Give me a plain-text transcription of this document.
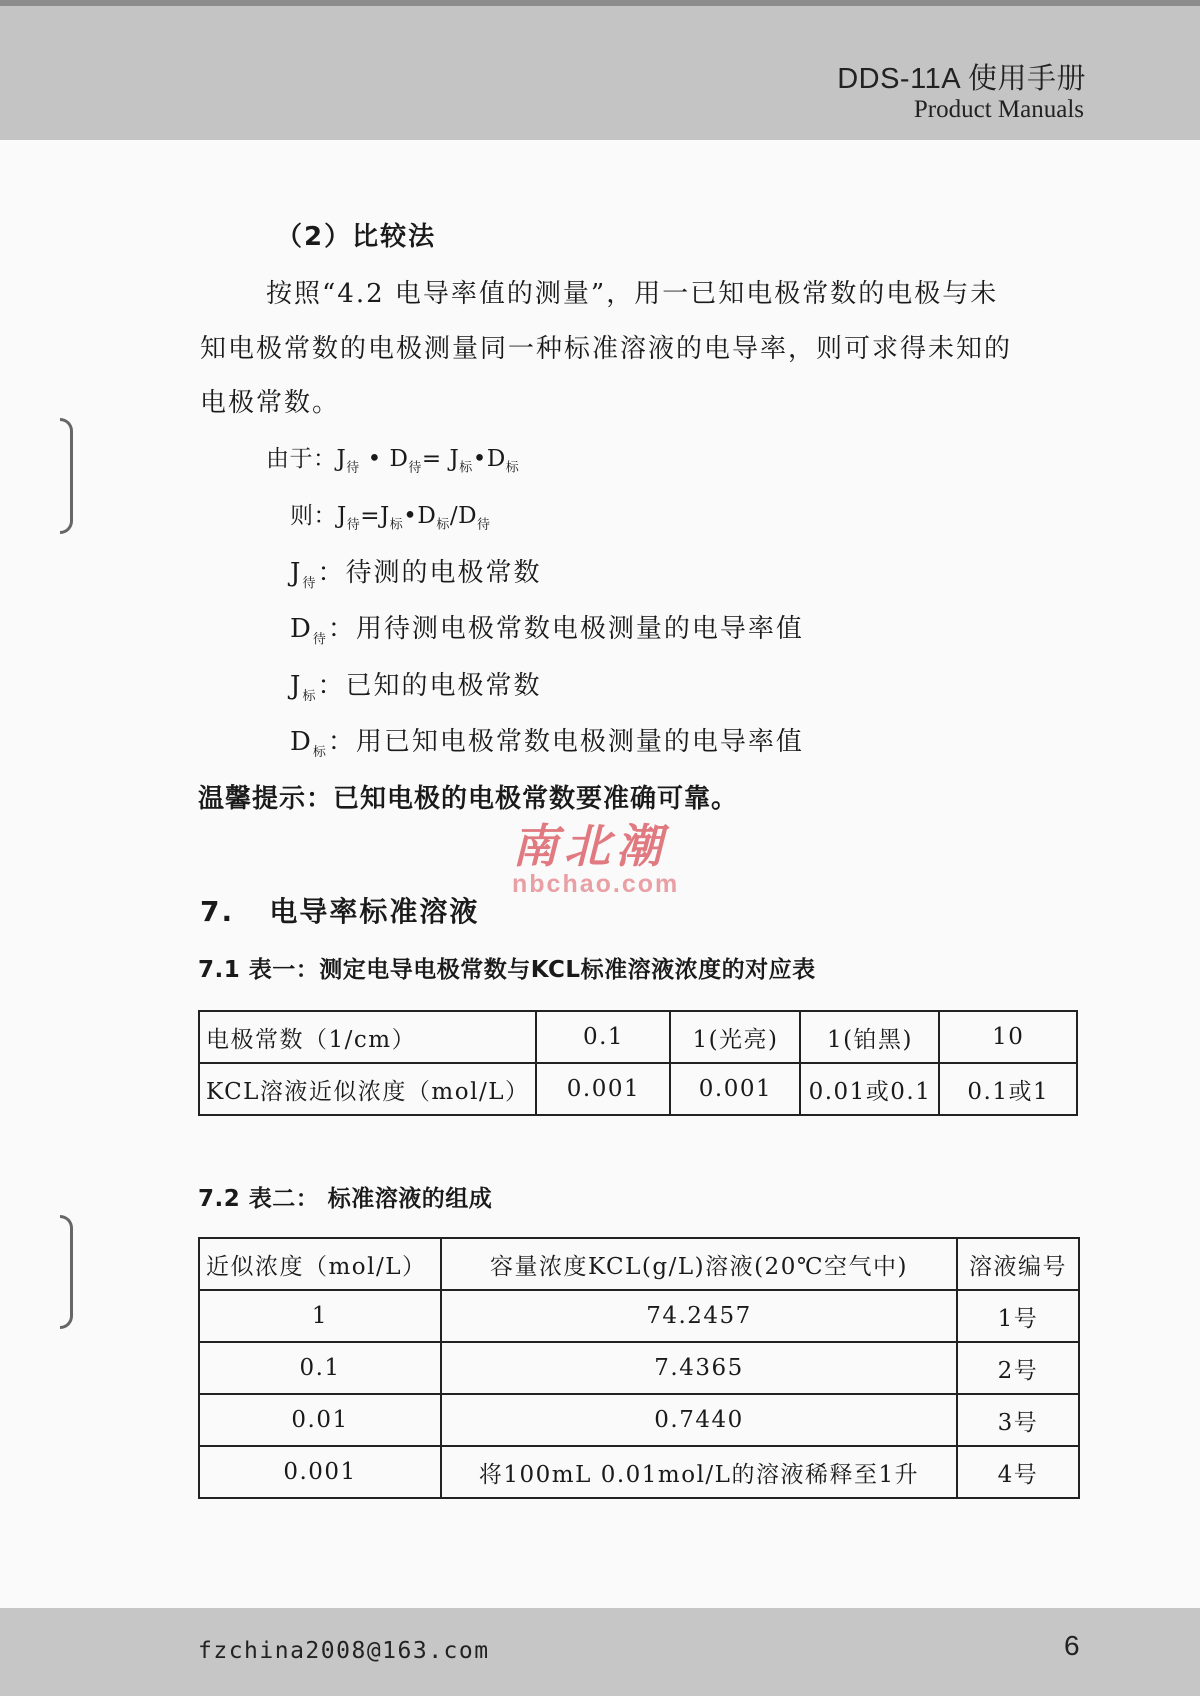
DDS-11A 使用手册
Product Manuals
（2）比较法
按照“4.2 电导率值的测量”，用一已知电极常数的电极与未
知电极常数的电极测量同一种标准溶液的电导率，则可求得未知的
电极常数。
由于：$J_待$ • $D_待=$ $J_标•D_标$
则：$J_待=J_标•D_标/D_待$
$J_待$：待测的电极常数
$D_待$：用待测电极常数电极测量的电导率值
$J_标$：已知的电极常数
$D_标$：用已知电极常数电极测量的电导率值
温馨提示：已知电极的电极常数要准确可靠。
南北潮
nbchao.com
7. 电导率标准溶液
7.1 表一：测定电导电极常数与KCL标准溶液浓度的对应表
电极常数（1/cm）	0.1	1(光亮)	1(铂黑)	10
KCL溶液近似浓度（mol/L）	0.001	0.001	0.01或0.1	0.1或1
7.2 表二： 标准溶液的组成
近似浓度（mol/L）	容量浓度KCL(g/L)溶液(20℃空气中)	溶液编号
1	74.2457	1号
0.1	7.4365	2号
0.01	0.7440	3号
0.001	将100mL 0.01mol/L的溶液稀释至1升	4号
fzchina2008@163.com	6
